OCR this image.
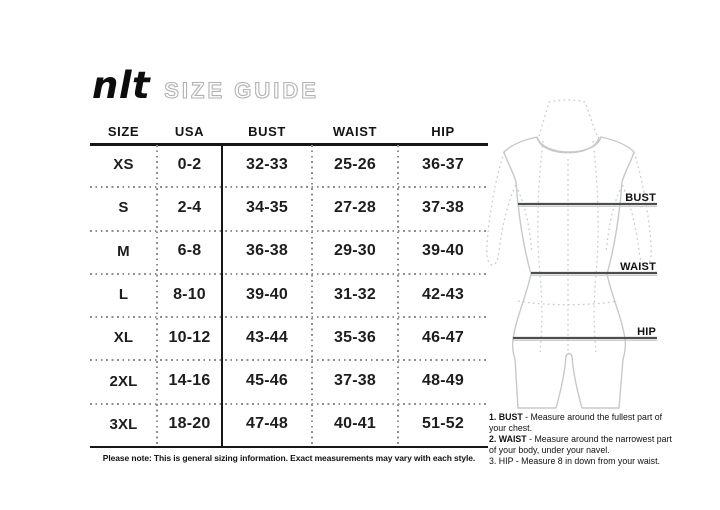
nlt SIZE GUIDE
SIZE	USA	BUST	WAIST	HIP
XS	0-2	32-33	25-26	36-37
S	2-4	34-35	27-28	37-38
M	6-8	36-38	29-30	39-40
L	8-10	39-40	31-32	42-43
XL	10-12	43-44	35-36	46-47
2XL	14-16	45-46	37-38	48-49
3XL	18-20	47-48	40-41	51-52
Please note: This is general sizing information. Exact measurements may vary with each style.
BUST
WAIST
HIP
1. BUST - Measure around the fullest part of your chest.
2. WAIST - Measure around the narrowest part of your body, under your navel.
3. HIP - Measure 8 in down from your waist.
